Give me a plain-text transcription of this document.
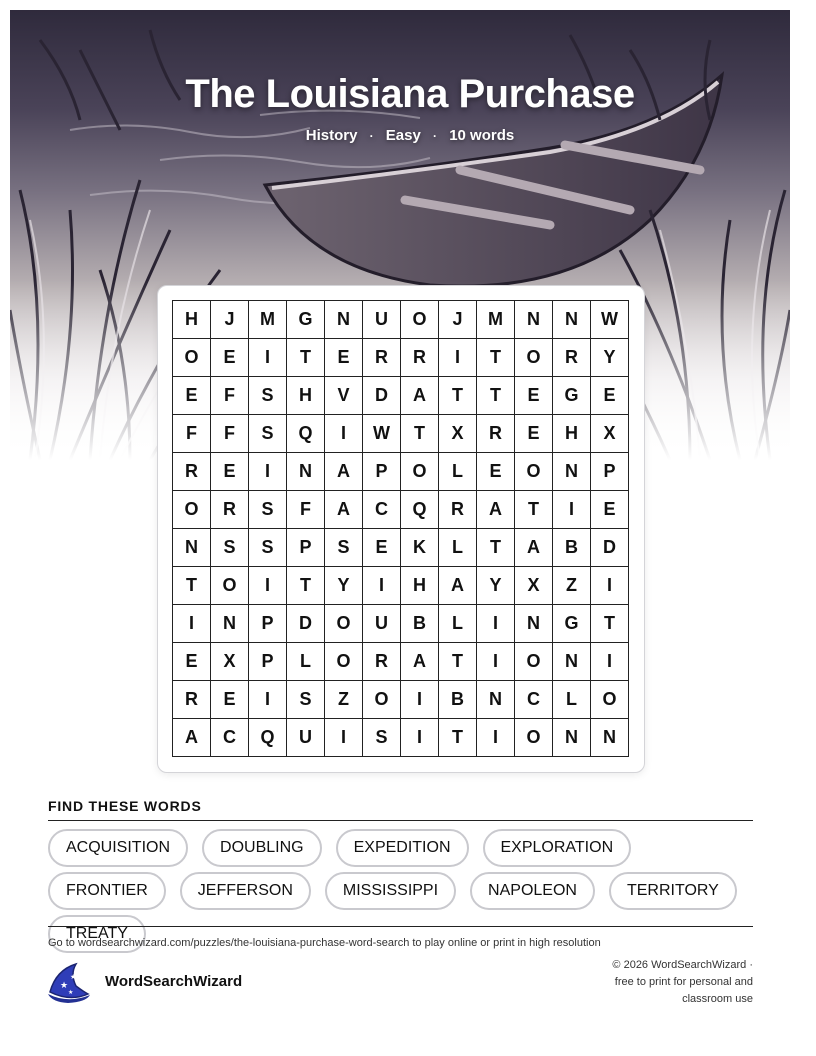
The Louisiana Purchase
History · Easy · 10 words
H	J	M	G	N	U	O	J	M	N	N	W
O	E	I	T	E	R	R	I	T	O	R	Y
E	F	S	H	V	D	A	T	T	E	G	E
F	F	S	Q	I	W	T	X	R	E	H	X
R	E	I	N	A	P	O	L	E	O	N	P
O	R	S	F	A	C	Q	R	A	T	I	E
N	S	S	P	S	E	K	L	T	A	B	D
T	O	I	T	Y	I	H	A	Y	X	Z	I
I	N	P	D	O	U	B	L	I	N	G	T
E	X	P	L	O	R	A	T	I	O	N	I
R	E	I	S	Z	O	I	B	N	C	L	O
A	C	Q	U	I	S	I	T	I	O	N	N
FIND THESE WORDS
ACQUISITION	DOUBLING	EXPEDITION	EXPLORATION
FRONTIER	JEFFERSON	MISSISSIPPI	NAPOLEON	TERRITORY
TREATY
Go to wordsearchwizard.com/puzzles/the-louisiana-purchase-word-search to play online or print in high resolution
★
★
★
WordSearchWizard
© 2026 WordSearchWizard ·
free to print for personal and
classroom use
